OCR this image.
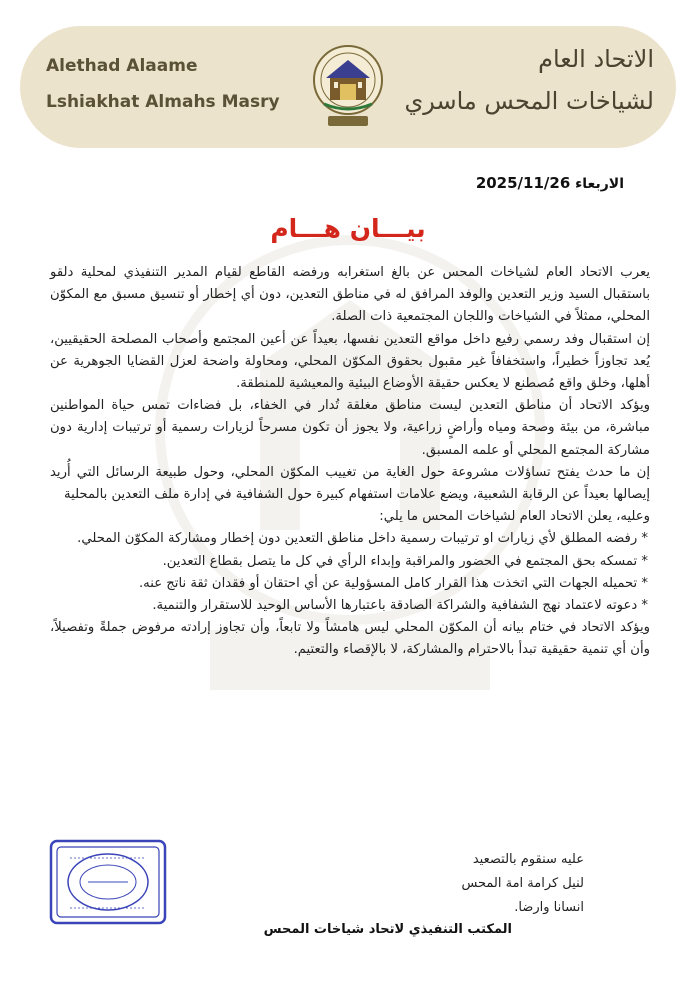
Alethad Alaame
Lshiakhat Almahs Masry
الاتحاد العام
لشياخات المحس ماسري
الاربعاء 2025/11/26
بيـــان هـــام

يعرب الاتحاد العام لشياخات المحس عن بالغ استغرابه ورفضه القاطع لقيام المدير التنفيذي لمحلية دلقو باستقبال السيد وزير التعدين والوفد المرافق له في مناطق التعدين، دون أي إخطار أو تنسيق مسبق مع المكوّن المحلي، ممثلاً في الشياخات واللجان المجتمعية ذات الصلة.

إن استقبال وفد رسمي رفيع داخل مواقع التعدين نفسها، بعيداً عن أعين المجتمع وأصحاب المصلحة الحقيقيين، يُعد تجاوزاً خطيراً، واستخفافاً غير مقبول بحقوق المكوّن المحلي، ومحاولة واضحة لعزل القضايا الجوهرية عن أهلها، وخلق واقع مُصطنع لا يعكس حقيقة الأوضاع البيئية والمعيشية للمنطقة.

ويؤكد الاتحاد أن مناطق التعدين ليست مناطق مغلقة تُدار في الخفاء، بل فضاءات تمس حياة المواطنين مباشرة، من بيئة وصحة ومياه وأراضٍ زراعية، ولا يجوز أن تكون مسرحاً لزيارات رسمية أو ترتيبات إدارية دون مشاركة المجتمع المحلي أو علمه المسبق.

إن ما حدث يفتح تساؤلات مشروعة حول الغاية من تغييب المكوّن المحلي، وحول طبيعة الرسائل التي أُريد إيصالها بعيداً عن الرقابة الشعبية، ويضع علامات استفهام كبيرة حول الشفافية في إدارة ملف التعدين بالمحلية

وعليه، يعلن الاتحاد العام لشياخات المحس ما يلي:

* رفضه المطلق لأي زيارات او ترتيبات رسمية داخل مناطق التعدين دون إخطار ومشاركة المكوّن المحلي.

* تمسكه بحق المجتمع في الحضور والمراقبة وإبداء الرأي في كل ما يتصل بقطاع التعدين.

* تحميله الجهات التي اتخذت هذا القرار كامل المسؤولية عن أي احتقان أو فقدان ثقة ناتج عنه.

* دعوته لاعتماد نهج الشفافية والشراكة الصادقة باعتبارها الأساس الوحيد للاستقرار والتنمية.

ويؤكد الاتحاد في ختام بيانه أن المكوّن المحلي ليس هامشاً ولا تابعاً، وأن تجاوز إرادته مرفوض جملةً وتفصيلاً، وأن أي تنمية حقيقية تبدأ بالاحترام والمشاركة، لا بالإقصاء والتعتيم.

عليه سنقوم بالتصعيد
لنيل كرامة امة المحس
انسانا وارضا.
المكتب التنفيذي لاتحاد شياخات المحس
